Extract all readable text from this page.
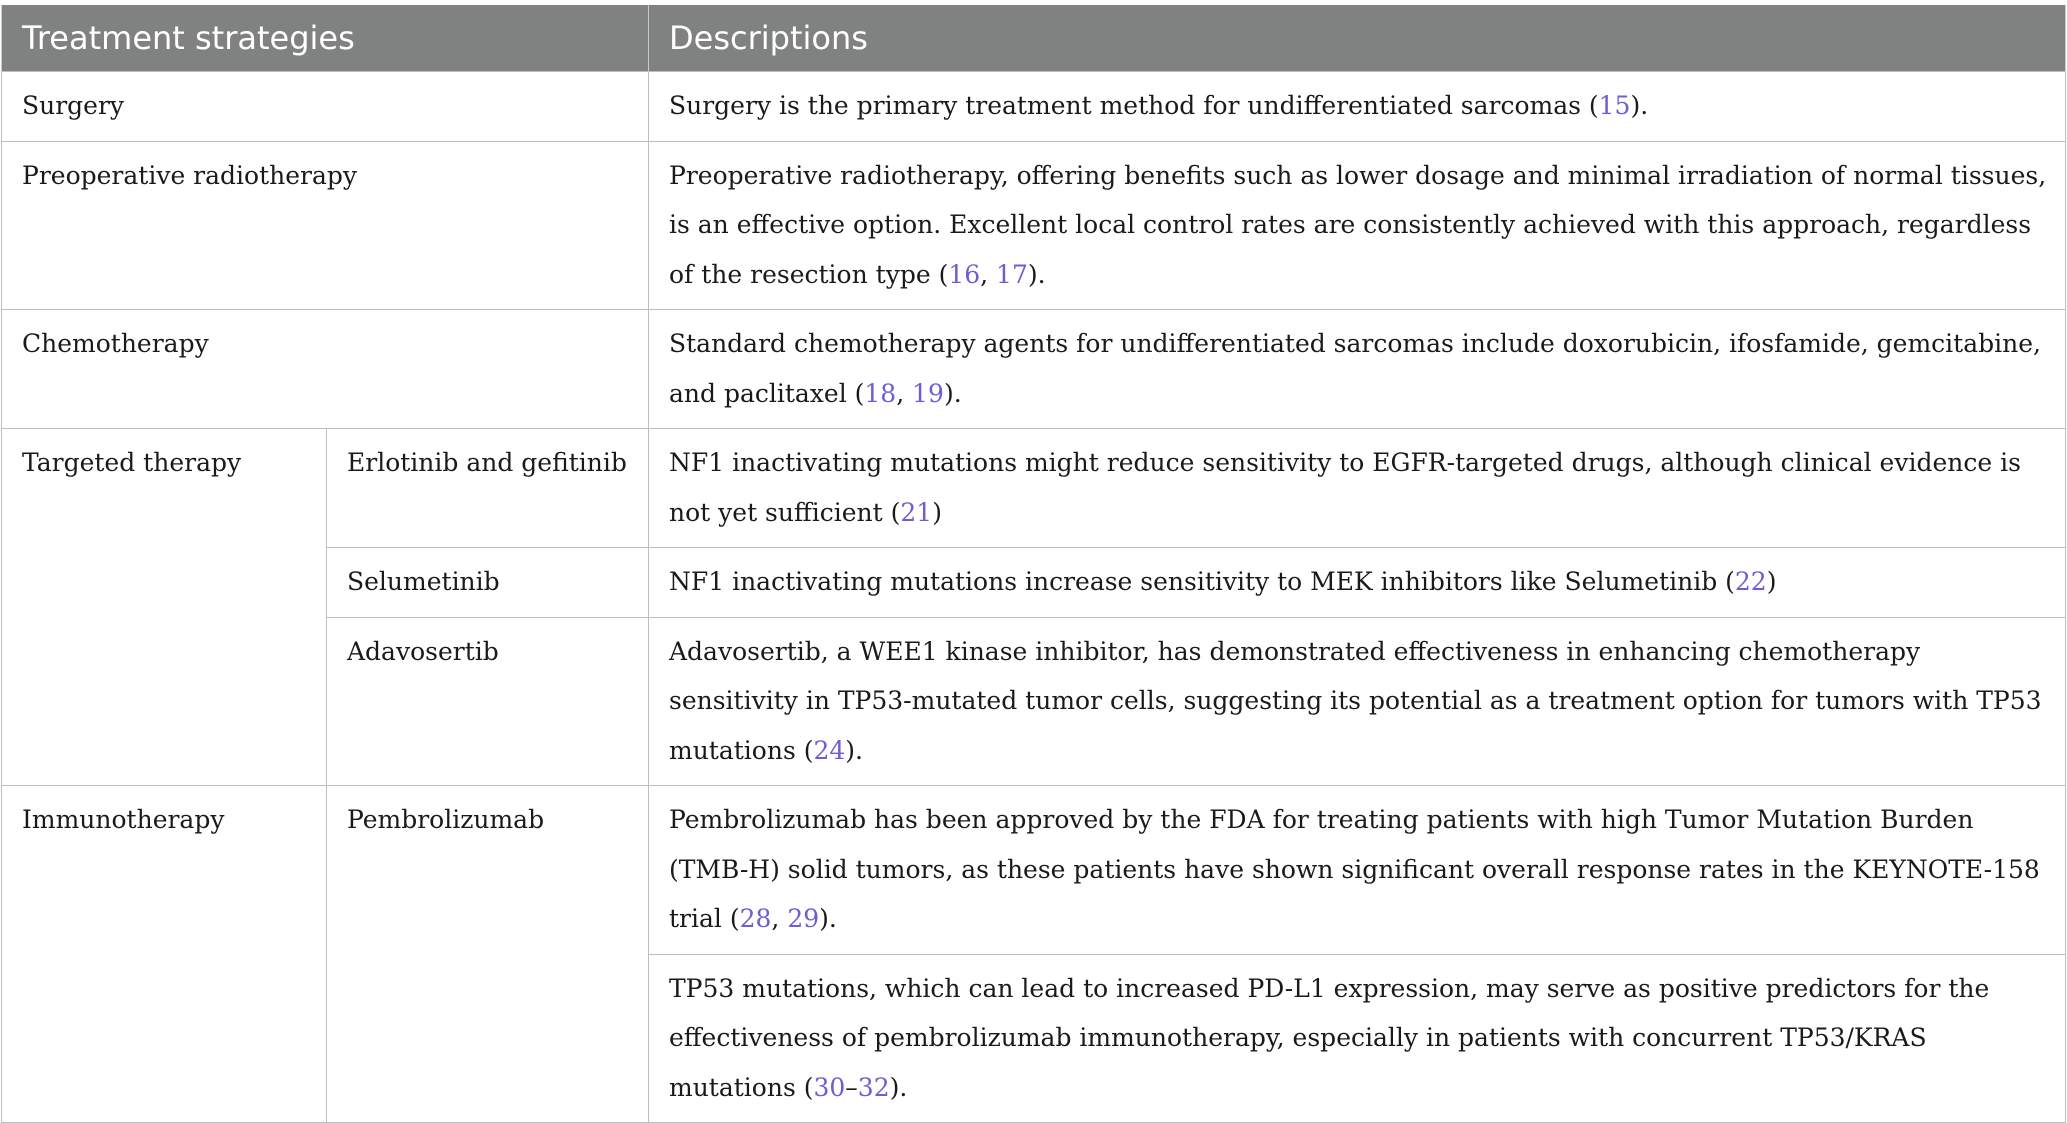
Treatment strategies		Descriptions
Surgery		Surgery is the primary treatment method for undifferentiated sarcomas (15).
Preoperative radiotherapy		Preoperative radiotherapy, offering benefits such as lower dosage and minimal irradiation of normal tissues, is an effective option. Excellent local control rates are consistently achieved with this approach, regardless of the resection type (16, 17).
Chemotherapy		Standard chemotherapy agents for undifferentiated sarcomas include doxorubicin, ifosfamide, gemcitabine, and paclitaxel (18, 19).
Targeted therapy	Erlotinib and gefitinib	NF1 inactivating mutations might reduce sensitivity to EGFR-targeted drugs, although clinical evidence is not yet sufficient (21)
	Selumetinib	NF1 inactivating mutations increase sensitivity to MEK inhibitors like Selumetinib (22)
	Adavosertib	Adavosertib, a WEE1 kinase inhibitor, has demonstrated effectiveness in enhancing chemotherapy sensitivity in TP53-mutated tumor cells, suggesting its potential as a treatment option for tumors with TP53 mutations (24).
Immunotherapy	Pembrolizumab	Pembrolizumab has been approved by the FDA for treating patients with high Tumor Mutation Burden (TMB-H) solid tumors, as these patients have shown significant overall response rates in the KEYNOTE-158 trial (28, 29).
		TP53 mutations, which can lead to increased PD-L1 expression, may serve as positive predictors for the effectiveness of pembrolizumab immunotherapy, especially in patients with concurrent TP53/KRAS mutations (30–32).
